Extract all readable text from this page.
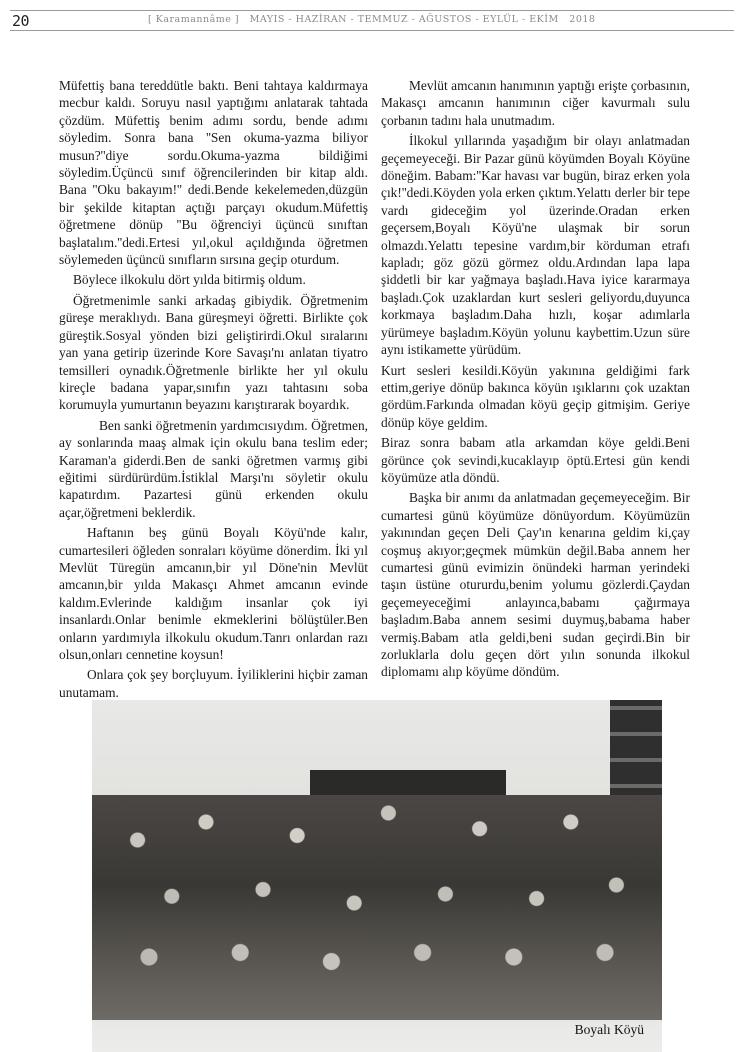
20	[ Karamannâme ]   MAYIS - HAZİRAN - TEMMUZ - AĞUSTOS - EYLÜL - EKİM   2018

Müfettiş bana tereddütle baktı. Beni tahtaya kaldırmaya mecbur kaldı. Soruyu nasıl yaptığımı anlatarak tahtada çözdüm. Müfettiş benim adımı sordu, bende adımı söyledim. Sonra bana ''Sen okuma-yazma biliyor musun?''diye sordu.Okuma-yazma bildiğimi söyledim.Üçüncü sınıf öğrencilerinden bir kitap aldı. Bana ''Oku bakayım!'' dedi.Bende kekelemeden,düzgün bir şekilde kitaptan açtığı parçayı okudum.Müfettiş öğretmene dönüp ''Bu öğrenciyi üçüncü sınıftan başlatalım.''dedi.Ertesi yıl,okul açıldığında öğretmen söylemeden üçüncü sınıfların sırsına geçip oturdum.

Böylece ilkokulu dört yılda bitirmiş oldum.

Öğretmenimle sanki arkadaş gibiydik. Öğretmenim güreşe meraklıydı. Bana güreşmeyi öğretti. Birlikte çok güreştik.Sosyal yönden bizi geliştirirdi.Okul sıralarını yan yana getirip üzerinde Kore Savaşı'nı anlatan tiyatro temsilleri oynadık.Öğretmenle birlikte her yıl okulu kireçle badana yapar,sınıfın yazı tahtasını soba korumuyla yumurtanın beyazını karıştırarak boyardık.

Ben sanki öğretmenin yardımcısıydım. Öğretmen, ay sonlarında maaş almak için okulu bana teslim eder; Karaman'a giderdi.Ben de sanki öğretmen varmış gibi eğitimi sürdürürdüm.İstiklal Marşı'nı söyletir okulu kapatırdım. Pazartesi günü erkenden okulu açar,öğretmeni beklerdik.

Haftanın beş günü Boyalı Köyü'nde kalır, cumartesileri öğleden sonraları köyüme dönerdim. İki yıl Mevlüt Türegün amcanın,bir yıl Döne'nin Mevlüt amcanın,bir yılda Makasçı Ahmet amcanın evinde kaldım.Evlerinde kaldığım insanlar çok iyi insanlardı.Onlar benimle ekmeklerini bölüştüler.Ben onların yardımıyla ilkokulu okudum.Tanrı onlardan razı olsun,onları cennetine koysun!

Onlara çok şey borçluyum. İyiliklerini hiçbir zaman unutamam.

Mevlüt amcanın hanımının yaptığı erişte çorbasının, Makasçı amcanın hanımının ciğer kavurmalı sulu çorbanın tadını hala unutmadım.

İlkokul yıllarında yaşadığım bir olayı anlatmadan geçemeyeceği. Bir Pazar günü köyümden Boyalı Köyüne döneğim. Babam:''Kar havası var bugün, biraz erken yola çık!''dedi.Köyden yola erken çıktım.Yelattı derler bir tepe vardı gideceğim yol üzerinde.Oradan erken geçersem,Boyalı Köyü'ne ulaşmak bir sorun olmazdı.Yelattı tepesine vardım,bir körduman etrafı kapladı; göz gözü görmez oldu.Ardından lapa lapa şiddetli bir kar yağmaya başladı.Hava iyice kararmaya başladı.Çok uzaklardan kurt sesleri geliyordu,duyunca korkmaya başladım.Daha hızlı, koşar adımlarla yürümeye başladım.Köyün yolunu kaybettim.Uzun süre aynı istikamette yürüdüm.

Kurt sesleri kesildi.Köyün yakınına geldiğimi fark ettim,geriye dönüp bakınca köyün ışıklarını çok uzaktan gördüm.Farkında olmadan köyü geçip gitmişim. Geriye dönüp köye geldim.

Biraz sonra babam atla arkamdan köye geldi.Beni görünce çok sevindi,kucaklayıp öptü.Ertesi gün kendi köyümüze atla döndü.

Başka bir anımı da anlatmadan geçemeyeceğim. Bir cumartesi günü köyümüze dönüyordum. Köyümüzün yakınından geçen Deli Çay'ın kenarına geldim ki,çay coşmuş akıyor;geçmek mümkün değil.Baba annem her cumartesi günü evimizin önündeki harman yerindeki taşın üstüne otururdu,benim yolumu gözlerdi.Çaydan geçemeyeceğimi anlayınca,babamı çağırmaya başladım.Baba annem sesimi duymuş,babama haber vermiş.Babam atla geldi,beni sudan geçirdi.Bin bir zorluklarla dolu geçen dört yılın sonunda ilkokul diplomamı alıp köyüme döndüm.

Boyalı Köyü
